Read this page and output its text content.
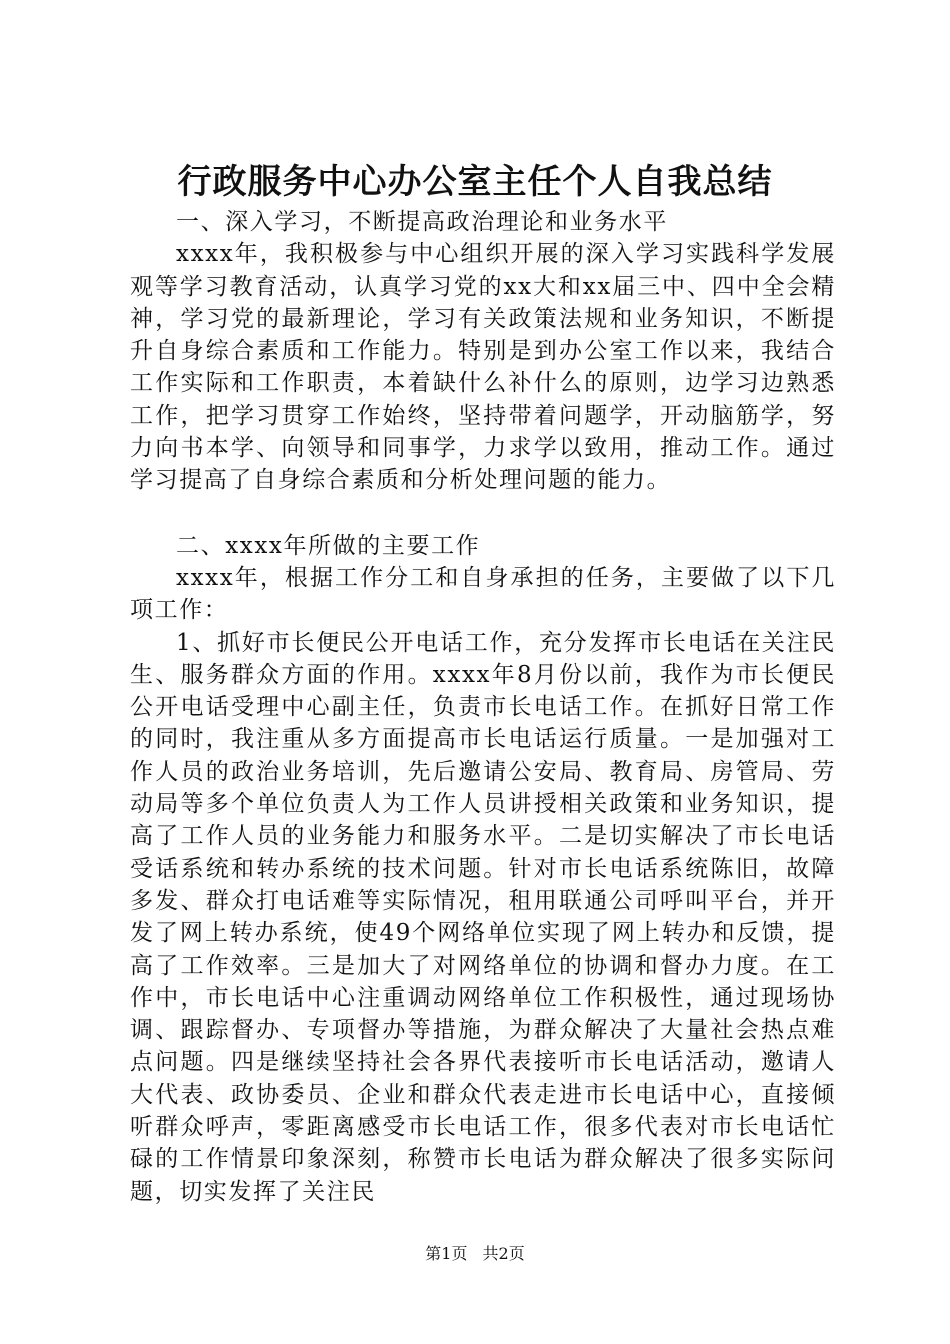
行政服务中心办公室主任个人自我总结

一、深入学习，不断提高政治理论和业务水平

xxxx年，我积极参与中心组织开展的深入学习实践科学发展观等学习教育活动，认真学习党的xx大和xx届三中、四中全会精神，学习党的最新理论，学习有关政策法规和业务知识，不断提升自身综合素质和工作能力。特别是到办公室工作以来，我结合工作实际和工作职责，本着缺什么补什么的原则，边学习边熟悉工作，把学习贯穿工作始终，坚持带着问题学，开动脑筋学，努力向书本学、向领导和同事学，力求学以致用，推动工作。通过学习提高了自身综合素质和分析处理问题的能力。

二、xxxx年所做的主要工作

xxxx年，根据工作分工和自身承担的任务，主要做了以下几项工作：

1、抓好市长便民公开电话工作，充分发挥市长电话在关注民生、服务群众方面的作用。xxxx年8月份以前，我作为市长便民公开电话受理中心副主任，负责市长电话工作。在抓好日常工作的同时，我注重从多方面提高市长电话运行质量。一是加强对工作人员的政治业务培训，先后邀请公安局、教育局、房管局、劳动局等多个单位负责人为工作人员讲授相关政策和业务知识，提高了工作人员的业务能力和服务水平。二是切实解决了市长电话受话系统和转办系统的技术问题。针对市长电话系统陈旧，故障多发、群众打电话难等实际情况，租用联通公司呼叫平台，并开发了网上转办系统，使49个网络单位实现了网上转办和反馈，提高了工作效率。三是加大了对网络单位的协调和督办力度。在工作中，市长电话中心注重调动网络单位工作积极性，通过现场协调、跟踪督办、专项督办等措施，为群众解决了大量社会热点难点问题。四是继续坚持社会各界代表接听市长电话活动，邀请人大代表、政协委员、企业和群众代表走进市长电话中心，直接倾听群众呼声，零距离感受市长电话工作，很多代表对市长电话忙碌的工作情景印象深刻，称赞市长电话为群众解决了很多实际问题，切实发挥了关注民

第1页 共2页
